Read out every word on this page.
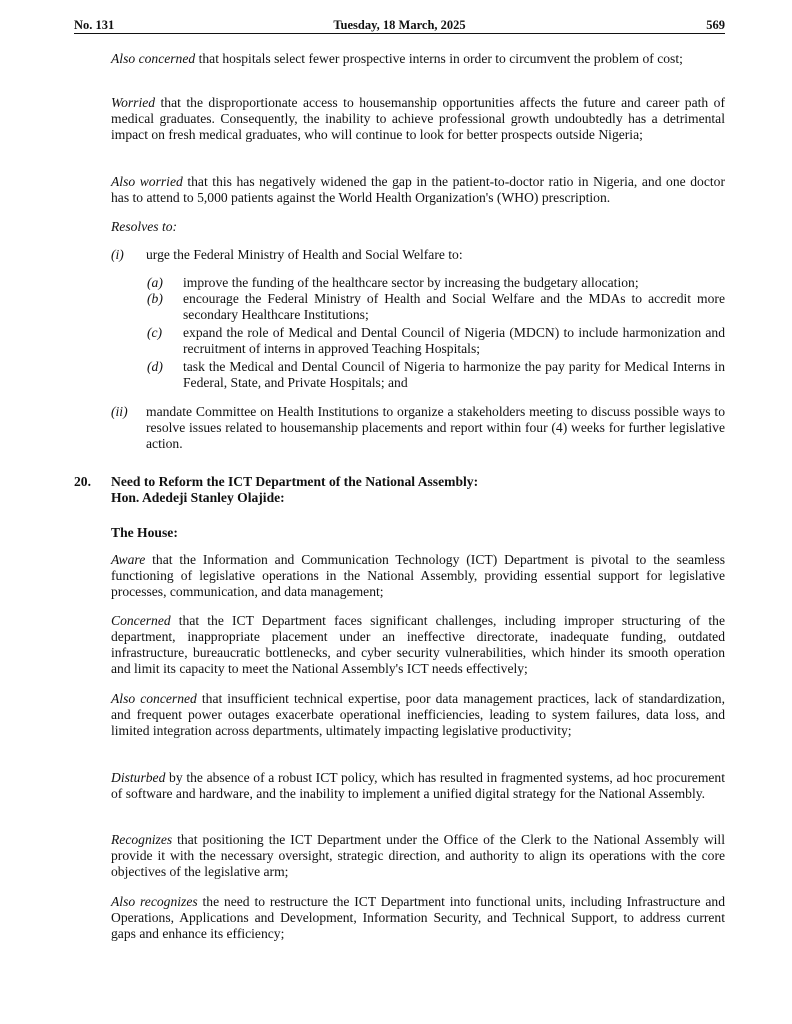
No. 131	Tuesday, 18 March, 2025	569
Also concerned that hospitals select fewer prospective interns in order to circumvent the problem of cost;
Worried that the disproportionate access to housemanship opportunities affects the future and career path of medical graduates. Consequently, the inability to achieve professional growth undoubtedly has a detrimental impact on fresh medical graduates, who will continue to look for better prospects outside Nigeria;
Also worried that this has negatively widened the gap in the patient-to-doctor ratio in Nigeria, and one doctor has to attend to 5,000 patients against the World Health Organization's (WHO) prescription.
Resolves to:
(i) urge the Federal Ministry of Health and Social Welfare to:
(a) improve the funding of the healthcare sector by increasing the budgetary allocation;
(b) encourage the Federal Ministry of Health and Social Welfare and the MDAs to accredit more secondary Healthcare Institutions;
(c) expand the role of Medical and Dental Council of Nigeria (MDCN) to include harmonization and recruitment of interns in approved Teaching Hospitals;
(d) task the Medical and Dental Council of Nigeria to harmonize the pay parity for Medical Interns in Federal, State, and Private Hospitals; and
(ii) mandate Committee on Health Institutions to organize a stakeholders meeting to discuss possible ways to resolve issues related to housemanship placements and report within four (4) weeks for further legislative action.
20. Need to Reform the ICT Department of the National Assembly:
Hon. Adedeji Stanley Olajide:
The House:
Aware that the Information and Communication Technology (ICT) Department is pivotal to the seamless functioning of legislative operations in the National Assembly, providing essential support for legislative processes, communication, and data management;
Concerned that the ICT Department faces significant challenges, including improper structuring of the department, inappropriate placement under an ineffective directorate, inadequate funding, outdated infrastructure, bureaucratic bottlenecks, and cyber security vulnerabilities, which hinder its smooth operation and limit its capacity to meet the National Assembly's ICT needs effectively;
Also concerned that insufficient technical expertise, poor data management practices, lack of standardization, and frequent power outages exacerbate operational inefficiencies, leading to system failures, data loss, and limited integration across departments, ultimately impacting legislative productivity;
Disturbed by the absence of a robust ICT policy, which has resulted in fragmented systems, ad hoc procurement of software and hardware, and the inability to implement a unified digital strategy for the National Assembly.
Recognizes that positioning the ICT Department under the Office of the Clerk to the National Assembly will provide it with the necessary oversight, strategic direction, and authority to align its operations with the core objectives of the legislative arm;
Also recognizes the need to restructure the ICT Department into functional units, including Infrastructure and Operations, Applications and Development, Information Security, and Technical Support, to address current gaps and enhance its efficiency;
